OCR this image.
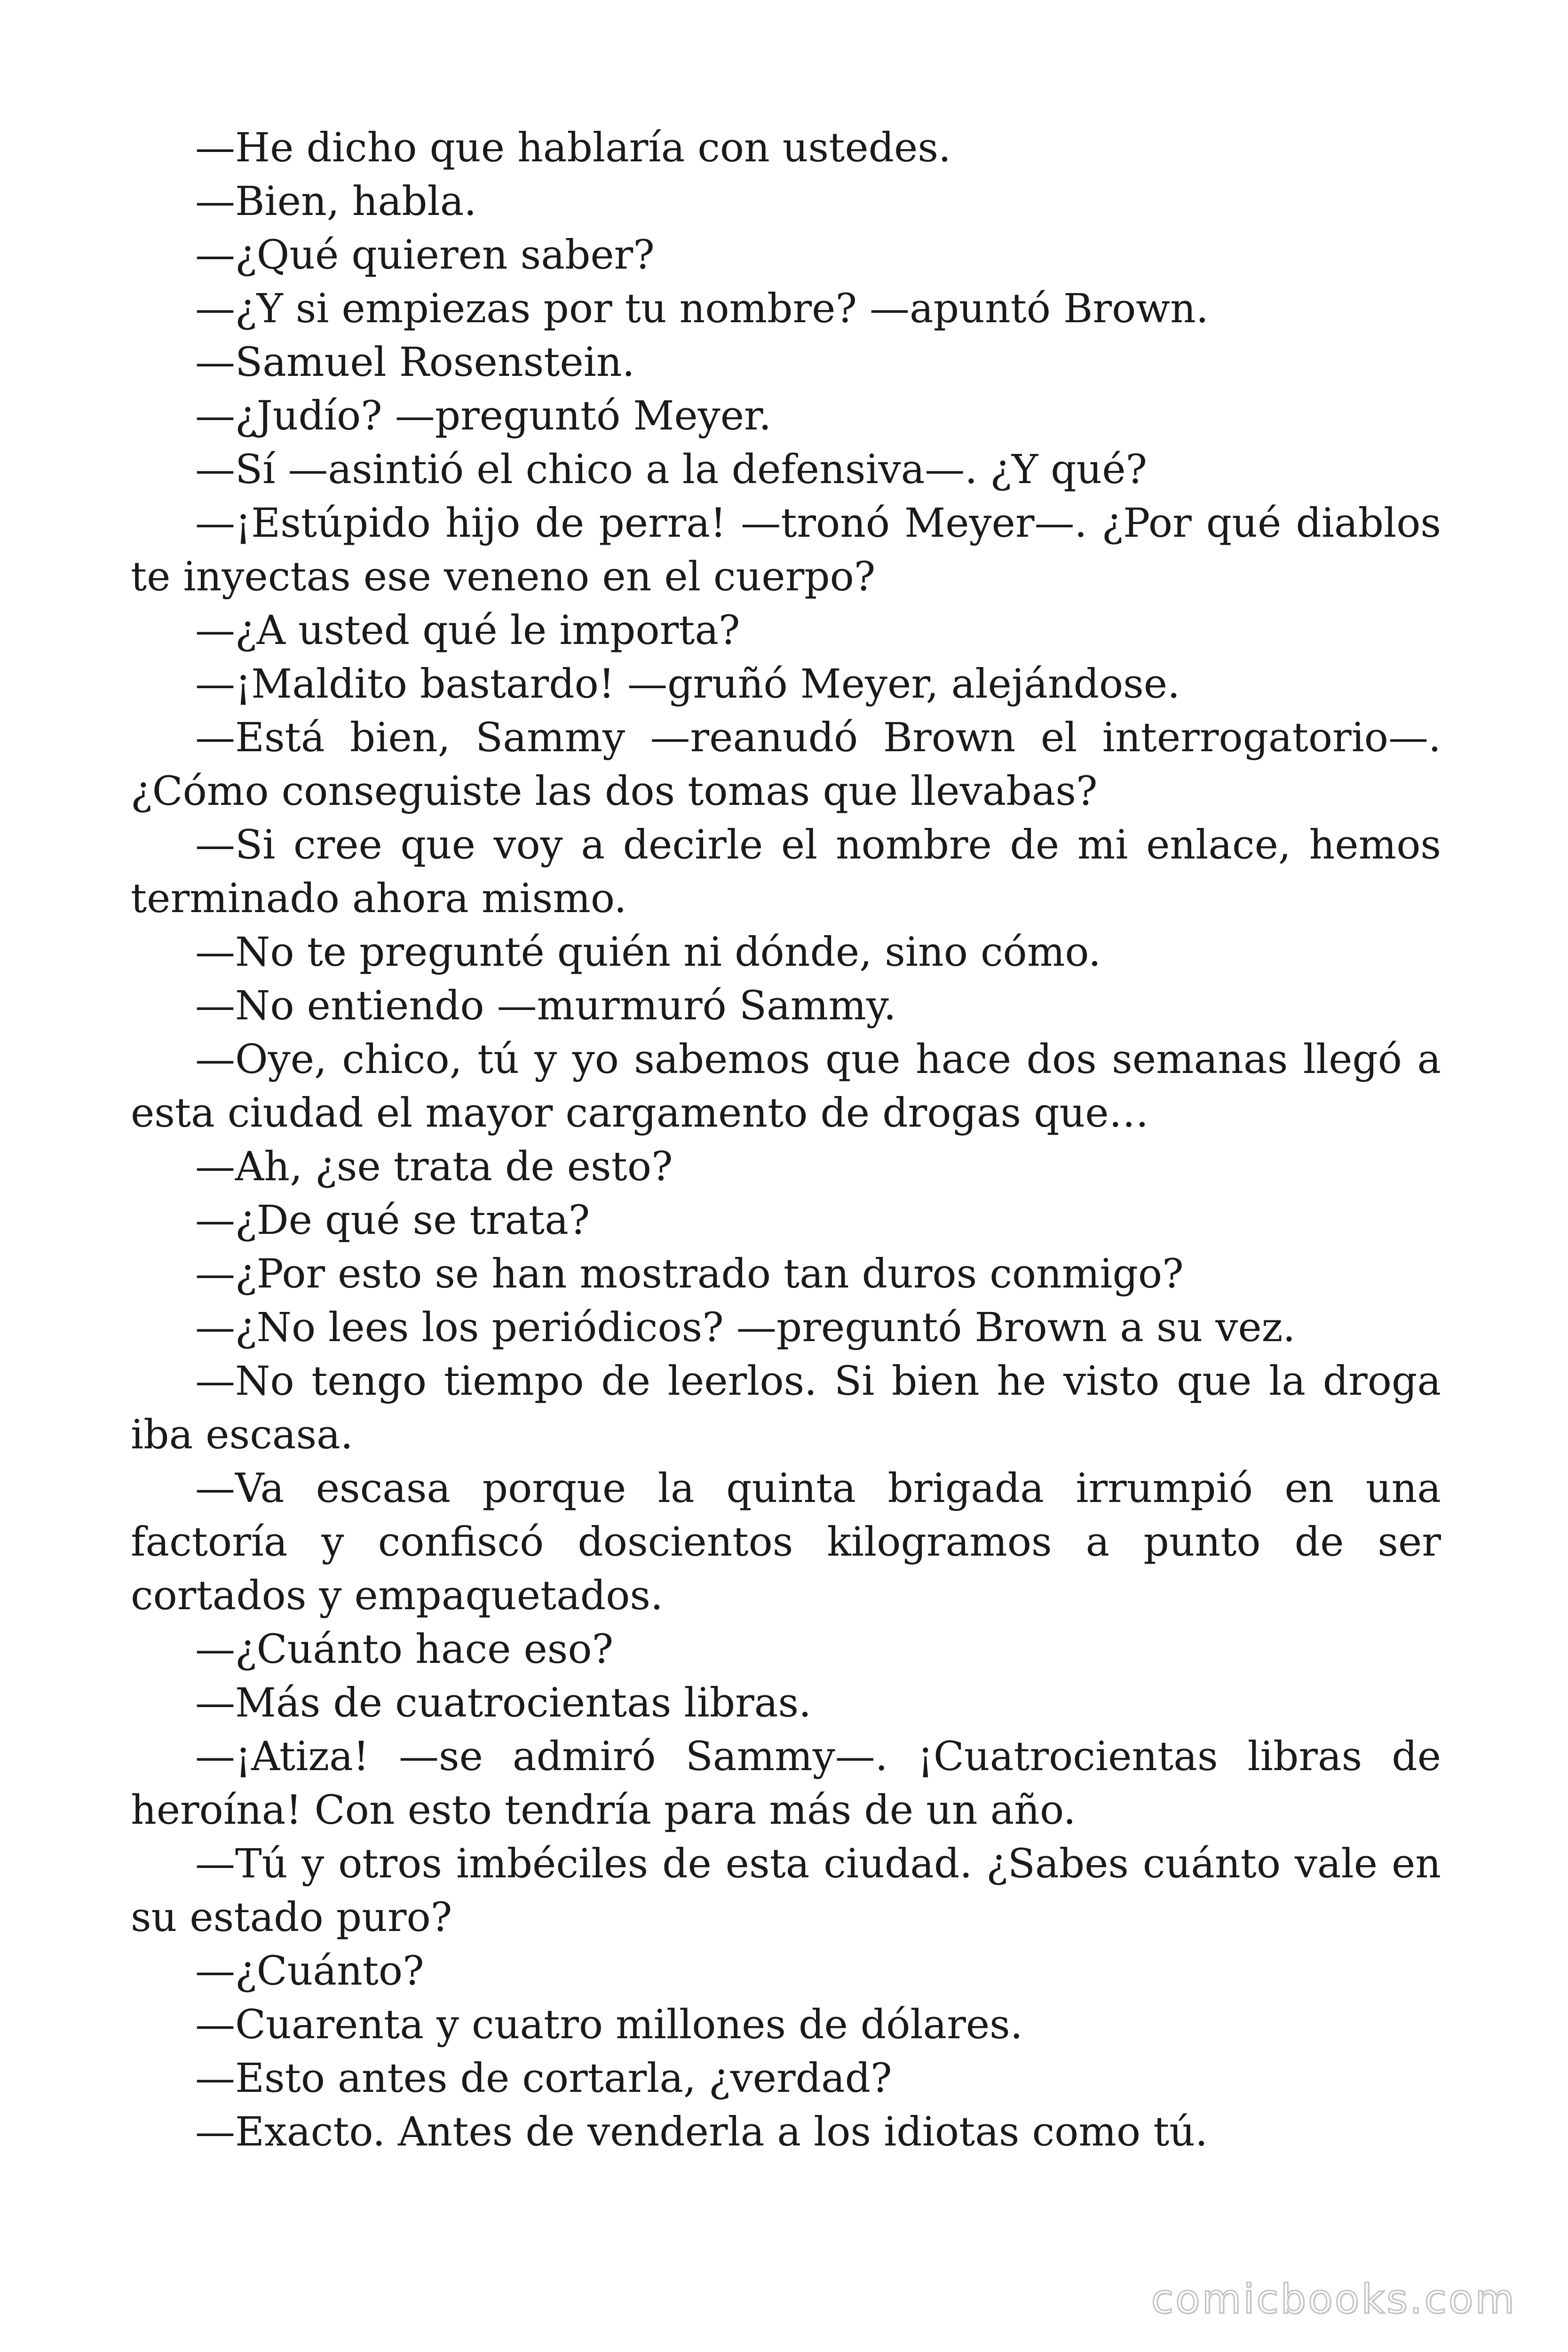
—He dicho que hablaría con ustedes.

—Bien, habla.

—¿Qué quieren saber?

—¿Y si empiezas por tu nombre? —apuntó Brown.

—Samuel Rosenstein.

—¿Judío? —preguntó Meyer.

—Sí —asintió el chico a la defensiva—. ¿Y qué?

—¡Estúpido hijo de perra! —tronó Meyer—. ¿Por qué diablos te inyectas ese veneno en el cuerpo?

—¿A usted qué le importa?

—¡Maldito bastardo! —gruñó Meyer, alejándose.

—Está bien, Sammy —reanudó Brown el interrogatorio—. ¿Cómo conseguiste las dos tomas que llevabas?

—Si cree que voy a decirle el nombre de mi enlace, hemos terminado ahora mismo.

—No te pregunté quién ni dónde, sino cómo.

—No entiendo —murmuró Sammy.

—Oye, chico, tú y yo sabemos que hace dos semanas llegó a esta ciudad el mayor cargamento de drogas que…

—Ah, ¿se trata de esto?

—¿De qué se trata?

—¿Por esto se han mostrado tan duros conmigo?

—¿No lees los periódicos? —preguntó Brown a su vez.

—No tengo tiempo de leerlos. Si bien he visto que la droga iba escasa.

—Va escasa porque la quinta brigada irrumpió en una factoría y confiscó doscientos kilogramos a punto de ser cortados y empaquetados.

—¿Cuánto hace eso?

—Más de cuatrocientas libras.

—¡Atiza! —se admiró Sammy—. ¡Cuatrocientas libras de heroína! Con esto tendría para más de un año.

—Tú y otros imbéciles de esta ciudad. ¿Sabes cuánto vale en su estado puro?

—¿Cuánto?

—Cuarenta y cuatro millones de dólares.

—Esto antes de cortarla, ¿verdad?

—Exacto. Antes de venderla a los idiotas como tú.

comicbooks.com
